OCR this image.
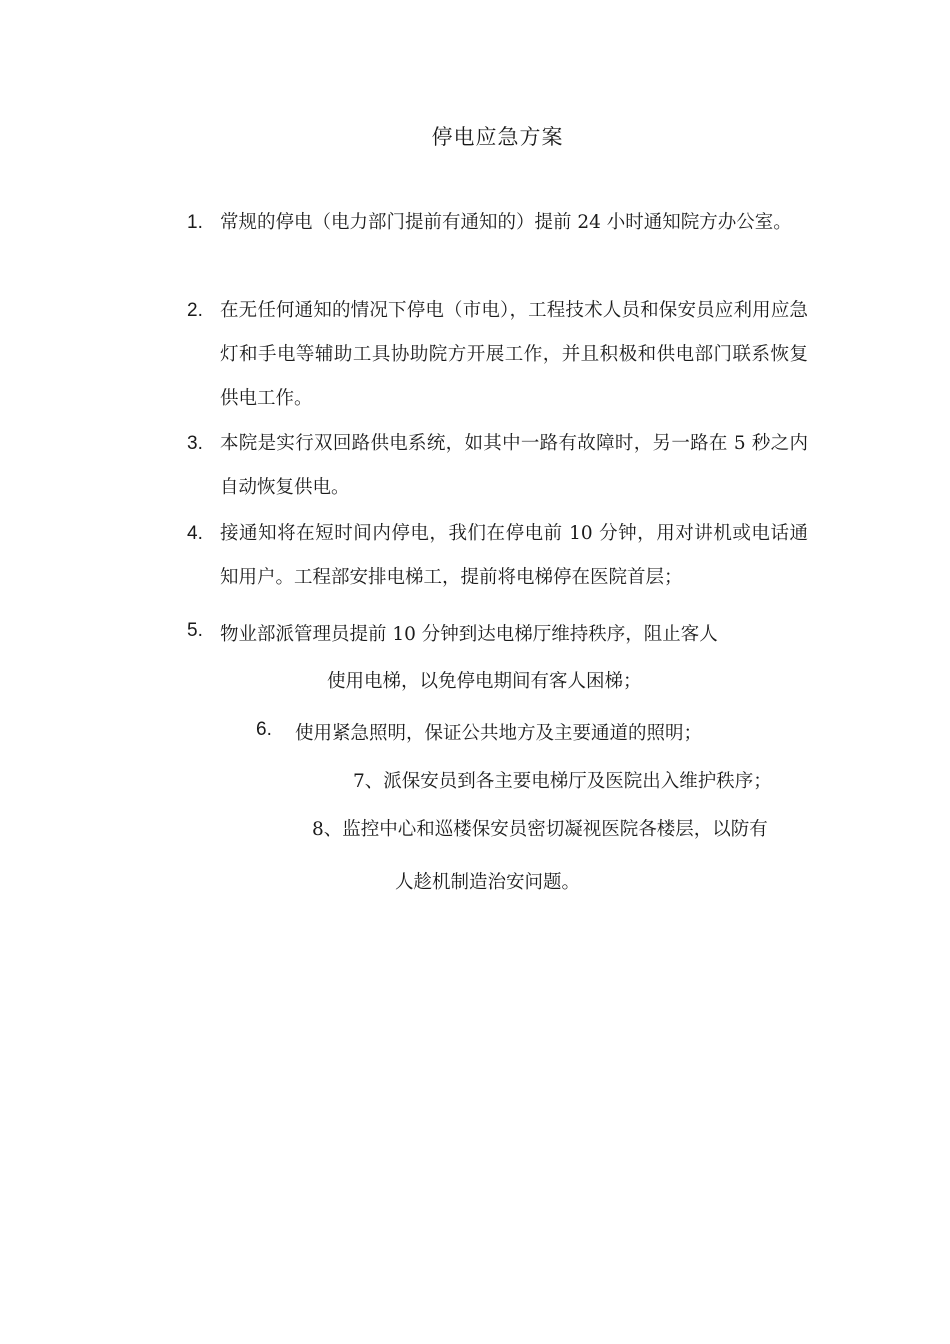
停电应急方案
1. 常规的停电（电力部门提前有通知的）提前 24 小时通知院方办公室。
2. 在无任何通知的情况下停电（市电），工程技术人员和保安员应利用应急灯和手电等辅助工具协助院方开展工作，并且积极和供电部门联系恢复供电工作。
3. 本院是实行双回路供电系统，如其中一路有故障时，另一路在 5 秒之内自动恢复供电。
4. 接通知将在短时间内停电，我们在停电前 10 分钟，用对讲机或电话通知用户。工程部安排电梯工，提前将电梯停在医院首层；
5. 物业部派管理员提前 10 分钟到达电梯厅维持秩序，阻止客人
使用电梯，以免停电期间有客人困梯；
6. 使用紧急照明，保证公共地方及主要通道的照明；
7、派保安员到各主要电梯厅及医院出入维护秩序；
8、监控中心和巡楼保安员密切凝视医院各楼层，以防有
人趁机制造治安问题。
